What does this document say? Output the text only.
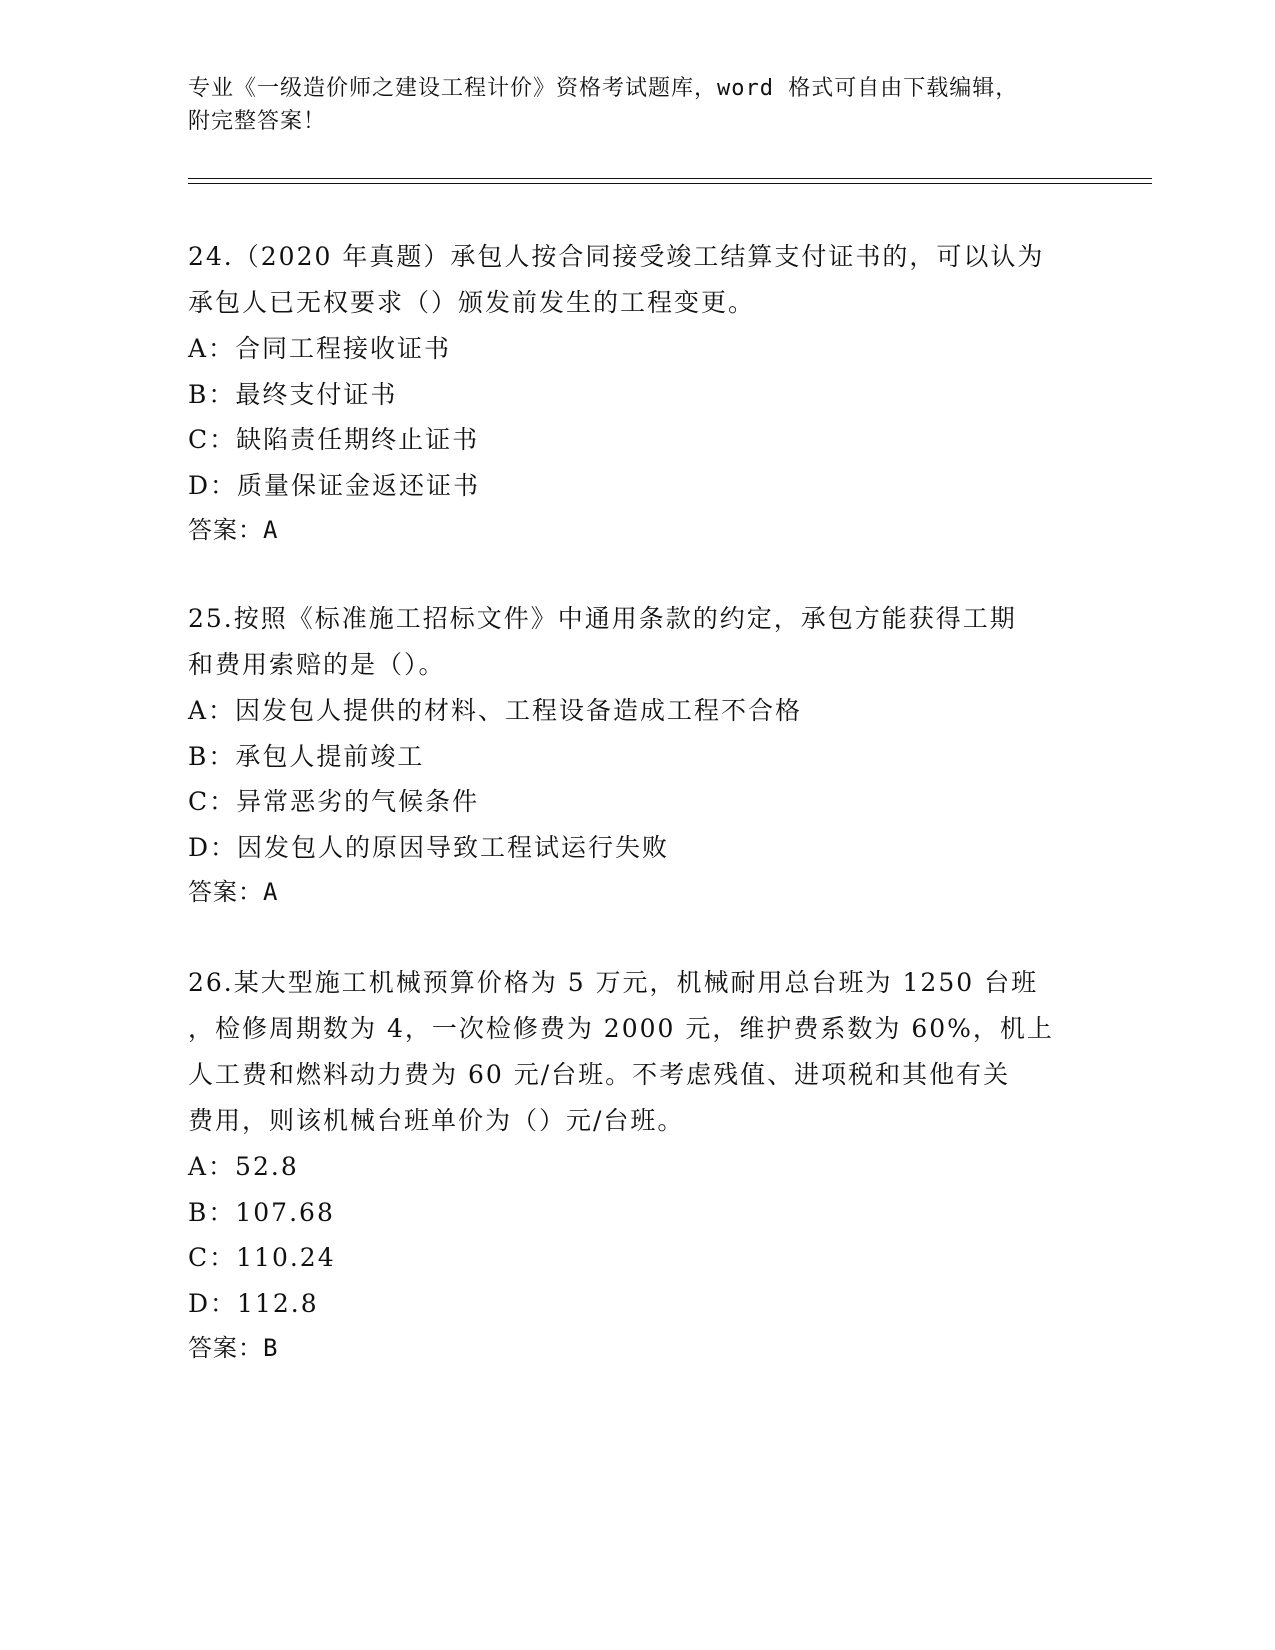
专业《一级造价师之建设工程计价》资格考试题库，word 格式可自由下载编辑，

附完整答案！

24.（2020 年真题）承包人按合同接受竣工结算支付证书的，可以认为

承包人已无权要求（）颁发前发生的工程变更。

A：合同工程接收证书

B：最终支付证书

C：缺陷责任期终止证书

D：质量保证金返还证书

答案：A

25.按照《标准施工招标文件》中通用条款的约定，承包方能获得工期

和费用索赔的是（）。

A：因发包人提供的材料、工程设备造成工程不合格

B：承包人提前竣工

C：异常恶劣的气候条件

D：因发包人的原因导致工程试运行失败

答案：A

26.某大型施工机械预算价格为 5 万元，机械耐用总台班为 1250 台班

，检修周期数为 4，一次检修费为 2000 元，维护费系数为 60%，机上

人工费和燃料动力费为 60 元/台班。不考虑残值、进项税和其他有关

费用，则该机械台班单价为（）元/台班。

A：52.8

B：107.68

C：110.24

D：112.8

答案：B
